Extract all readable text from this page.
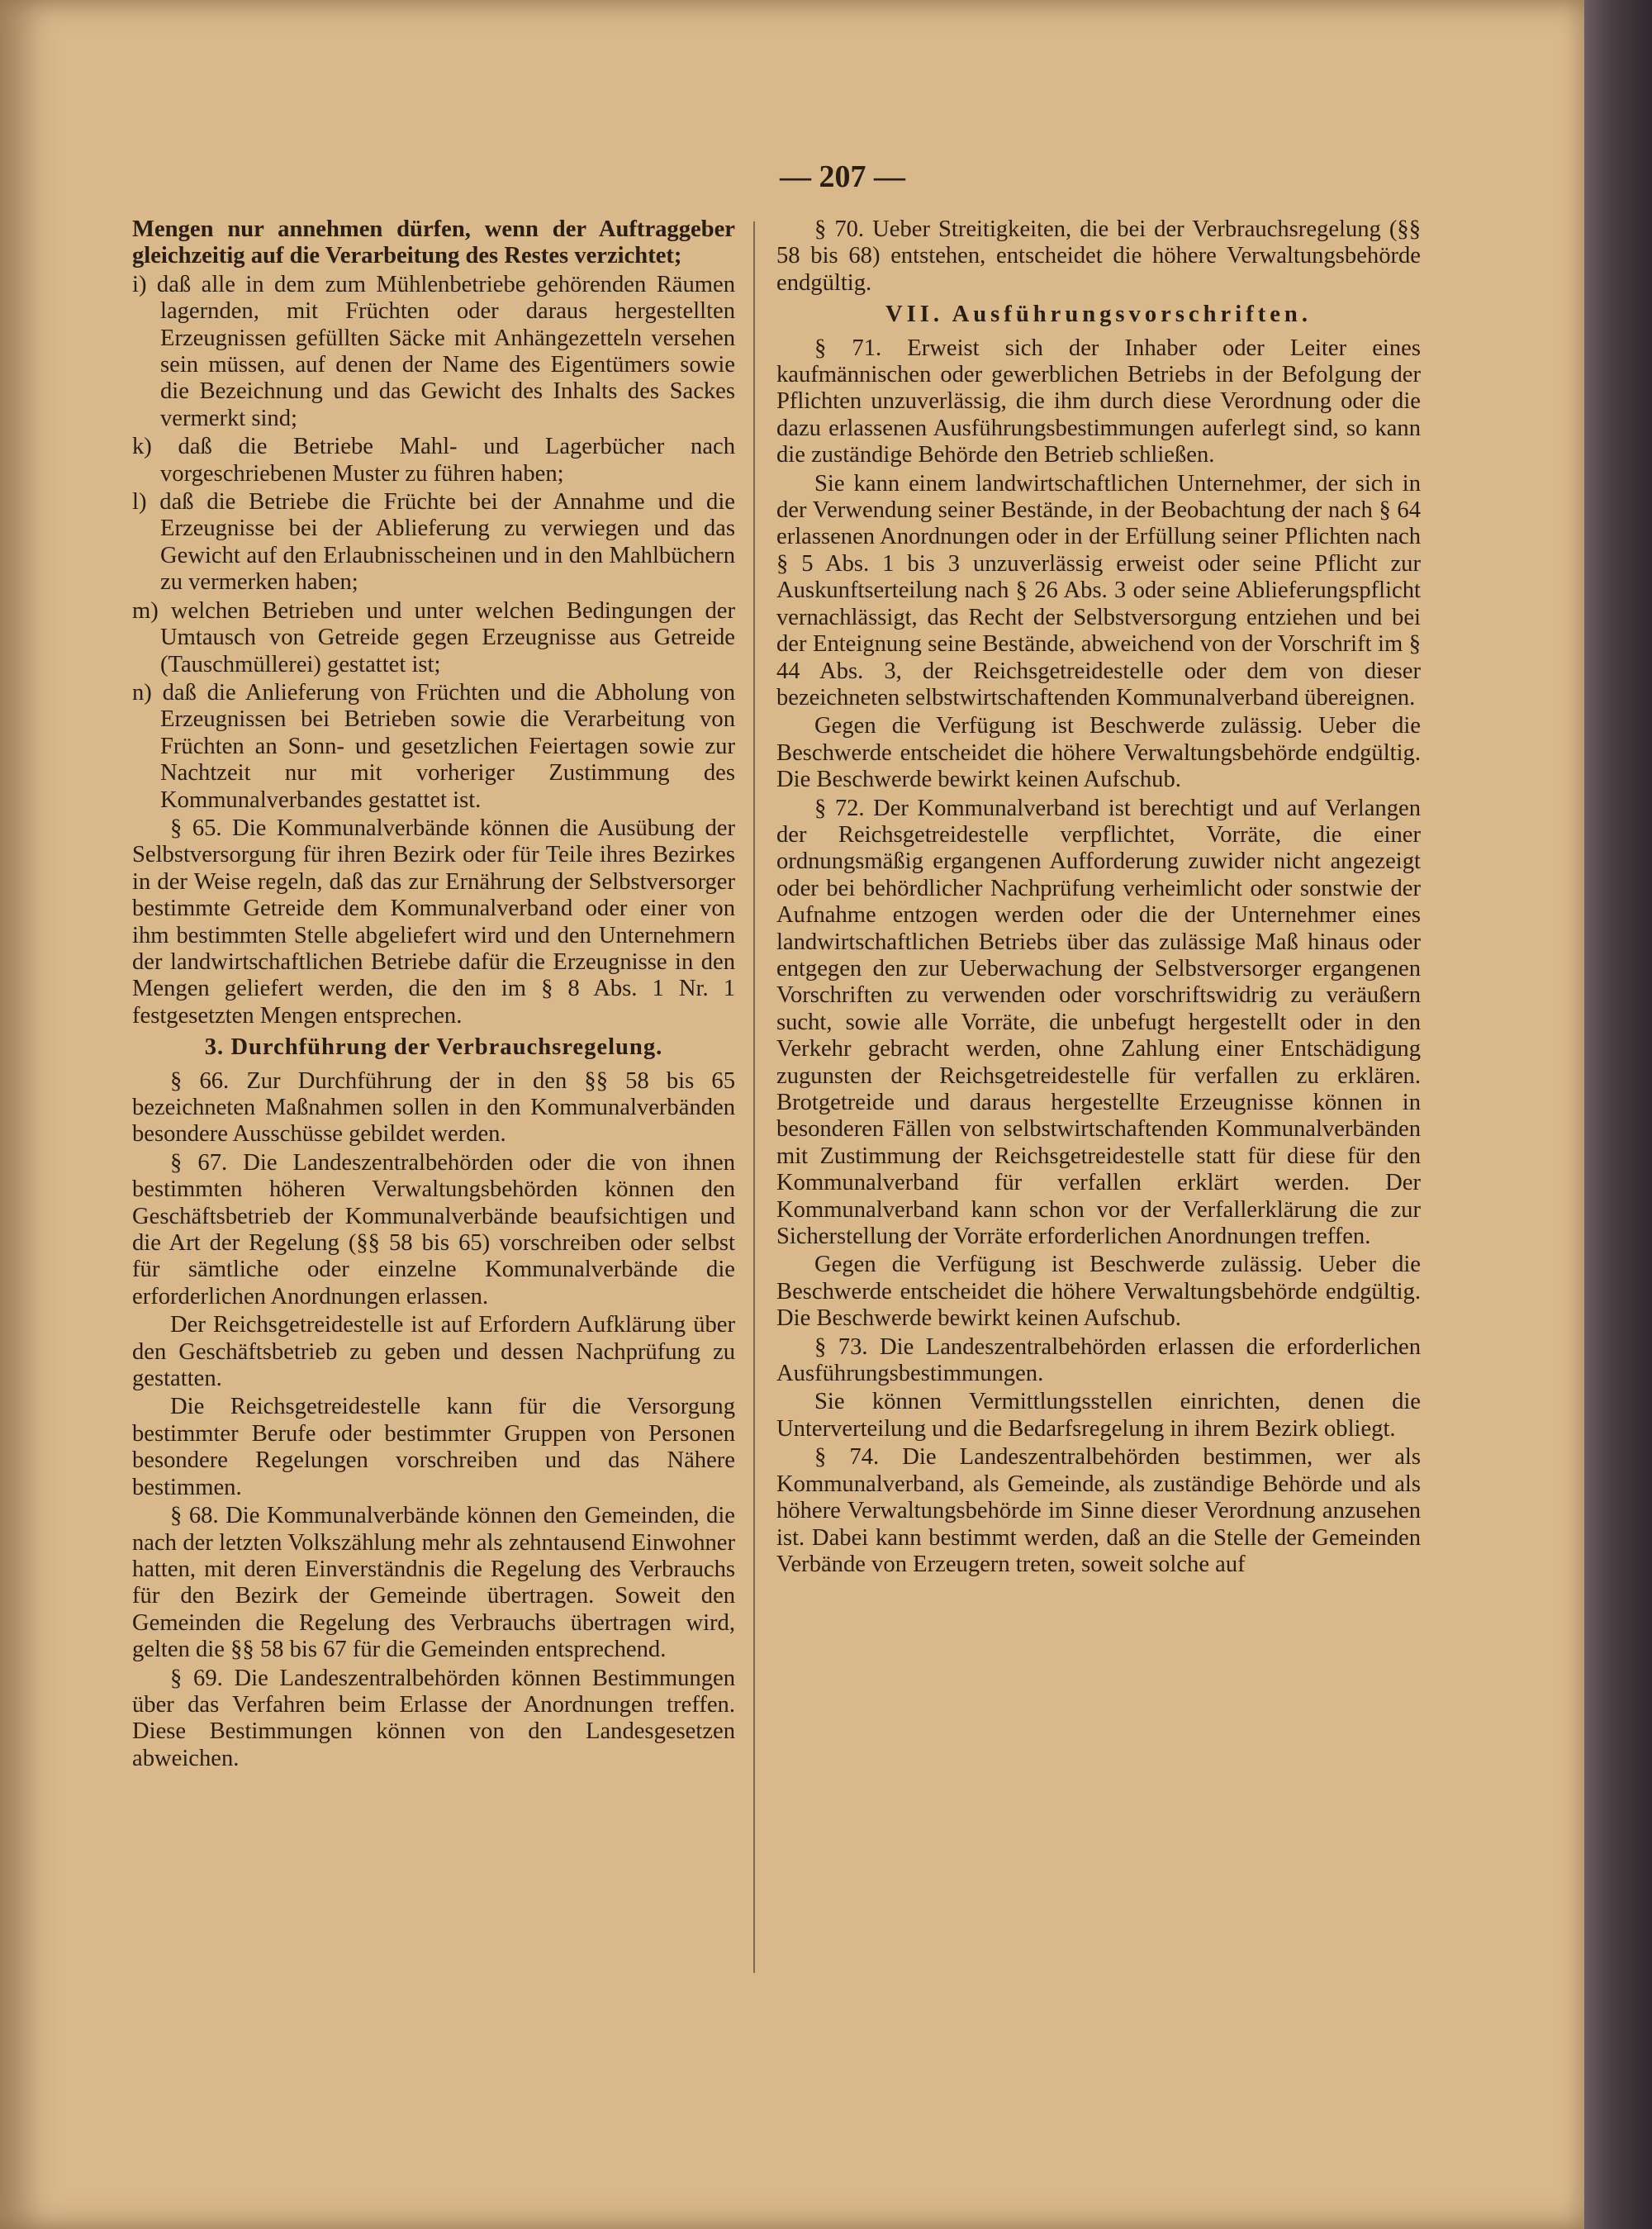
— 207 —

Mengen nur annehmen dürfen, wenn der Auftraggeber gleichzeitig auf die Verarbeitung des Restes verzichtet;

i) daß alle in dem zum Mühlenbetriebe gehörenden Räumen lagernden, mit Früchten oder daraus hergestellten Erzeugnissen gefüllten Säcke mit Anhängezetteln versehen sein müssen, auf denen der Name des Eigentümers sowie die Bezeichnung und das Gewicht des Inhalts des Sackes vermerkt sind;
k) daß die Betriebe Mahl- und Lagerbücher nach vorgeschriebenen Muster zu führen haben;
l) daß die Betriebe die Früchte bei der Annahme und die Erzeugnisse bei der Ablieferung zu verwiegen und das Gewicht auf den Erlaubnisscheinen und in den Mahlbüchern zu vermerken haben;
m) welchen Betrieben und unter welchen Bedingungen der Umtausch von Getreide gegen Erzeugnisse aus Getreide (Tauschmüllerei) gestattet ist;
n) daß die Anlieferung von Früchten und die Abholung von Erzeugnissen bei Betrieben sowie die Verarbeitung von Früchten an Sonn- und gesetzlichen Feiertagen sowie zur Nachtzeit nur mit vorheriger Zustimmung des Kommunalverbandes gestattet ist.

§ 65. Die Kommunalverbände können die Ausübung der Selbstversorgung für ihren Bezirk oder für Teile ihres Bezirkes in der Weise regeln, daß das zur Ernährung der Selbstversorger bestimmte Getreide dem Kommunalverband oder einer von ihm bestimmten Stelle abgeliefert wird und den Unternehmern der landwirtschaftlichen Betriebe dafür die Erzeugnisse in den Mengen geliefert werden, die den im § 8 Abs. 1 Nr. 1 festgesetzten Mengen entsprechen.

3. Durchführung der Verbrauchsregelung.

§ 66. Zur Durchführung der in den §§ 58 bis 65 bezeichneten Maßnahmen sollen in den Kommunalverbänden besondere Ausschüsse gebildet werden.

§ 67. Die Landeszentralbehörden oder die von ihnen bestimmten höheren Verwaltungsbehörden können den Geschäftsbetrieb der Kommunalverbände beaufsichtigen und die Art der Regelung (§§ 58 bis 65) vorschreiben oder selbst für sämtliche oder einzelne Kommunalverbände die erforderlichen Anordnungen erlassen.

Der Reichsgetreidestelle ist auf Erfordern Aufklärung über den Geschäftsbetrieb zu geben und dessen Nachprüfung zu gestatten.

Die Reichsgetreidestelle kann für die Versorgung bestimmter Berufe oder bestimmter Gruppen von Personen besondere Regelungen vorschreiben und das Nähere bestimmen.

§ 68. Die Kommunalverbände können den Gemeinden, die nach der letzten Volkszählung mehr als zehntausend Einwohner hatten, mit deren Einverständnis die Regelung des Verbrauchs für den Bezirk der Gemeinde übertragen. Soweit den Gemeinden die Regelung des Verbrauchs übertragen wird, gelten die §§ 58 bis 67 für die Gemeinden entsprechend.

§ 69. Die Landeszentralbehörden können Bestimmungen über das Verfahren beim Erlasse der Anordnungen treffen. Diese Bestimmungen können von den Landesgesetzen abweichen.

§ 70. Ueber Streitigkeiten, die bei der Verbrauchsregelung (§§ 58 bis 68) entstehen, entscheidet die höhere Verwaltungsbehörde endgültig.

VII. Ausführungsvorschriften.

§ 71. Erweist sich der Inhaber oder Leiter eines kaufmännischen oder gewerblichen Betriebs in der Befolgung der Pflichten unzuverlässig, die ihm durch diese Verordnung oder die dazu erlassenen Ausführungsbestimmungen auferlegt sind, so kann die zuständige Behörde den Betrieb schließen.

Sie kann einem landwirtschaftlichen Unternehmer, der sich in der Verwendung seiner Bestände, in der Beobachtung der nach § 64 erlassenen Anordnungen oder in der Erfüllung seiner Pflichten nach § 5 Abs. 1 bis 3 unzuverlässig erweist oder seine Pflicht zur Auskunftserteilung nach § 26 Abs. 3 oder seine Ablieferungspflicht vernachlässigt, das Recht der Selbstversorgung entziehen und bei der Enteignung seine Bestände, abweichend von der Vorschrift im § 44 Abs. 3, der Reichsgetreidestelle oder dem von dieser bezeichneten selbstwirtschaftenden Kommunalverband übereignen.

Gegen die Verfügung ist Beschwerde zulässig. Ueber die Beschwerde entscheidet die höhere Verwaltungsbehörde endgültig. Die Beschwerde bewirkt keinen Aufschub.

§ 72. Der Kommunalverband ist berechtigt und auf Verlangen der Reichsgetreidestelle verpflichtet, Vorräte, die einer ordnungsmäßig ergangenen Aufforderung zuwider nicht angezeigt oder bei behördlicher Nachprüfung verheimlicht oder sonstwie der Aufnahme entzogen werden oder die der Unternehmer eines landwirtschaftlichen Betriebs über das zulässige Maß hinaus oder entgegen den zur Ueberwachung der Selbstversorger ergangenen Vorschriften zu verwenden oder vorschriftswidrig zu veräußern sucht, sowie alle Vorräte, die unbefugt hergestellt oder in den Verkehr gebracht werden, ohne Zahlung einer Entschädigung zugunsten der Reichsgetreidestelle für verfallen zu erklären. Brotgetreide und daraus hergestellte Erzeugnisse können in besonderen Fällen von selbstwirtschaftenden Kommunalverbänden mit Zustimmung der Reichsgetreidestelle statt für diese für den Kommunalverband für verfallen erklärt werden. Der Kommunalverband kann schon vor der Verfallerklärung die zur Sicherstellung der Vorräte erforderlichen Anordnungen treffen.

Gegen die Verfügung ist Beschwerde zulässig. Ueber die Beschwerde entscheidet die höhere Verwaltungsbehörde endgültig. Die Beschwerde bewirkt keinen Aufschub.

§ 73. Die Landeszentralbehörden erlassen die erforderlichen Ausführungsbestimmungen.

Sie können Vermittlungsstellen einrichten, denen die Unterverteilung und die Bedarfsregelung in ihrem Bezirk obliegt.

§ 74. Die Landeszentralbehörden bestimmen, wer als Kommunalverband, als Gemeinde, als zuständige Behörde und als höhere Verwaltungsbehörde im Sinne dieser Verordnung anzusehen ist. Dabei kann bestimmt werden, daß an die Stelle der Gemeinden Verbände von Erzeugern treten, soweit solche auf
